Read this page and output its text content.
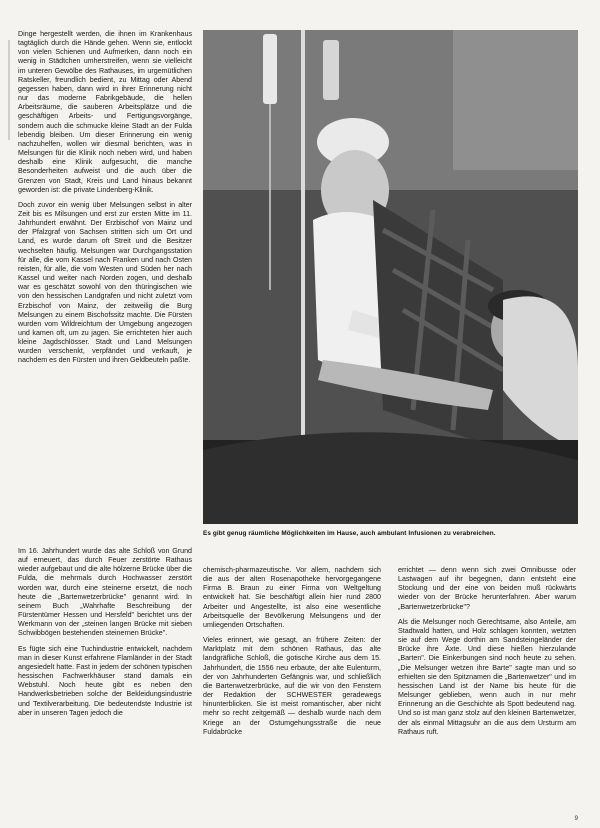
Dinge hergestellt werden, die ihnen im Krankenhaus tagtäglich durch die Hände gehen. Wenn sie, entlockt von vielen Schienen und Aufmerken, dann noch ein wenig in Städtchen umherstreifen, wenn sie vielleicht im unteren Gewölbe des Rathauses, im urgemütlichen Ratskeller, freundlich bedient, zu Mittag oder Abend gegessen haben, dann wird in ihrer Erinnerung nicht nur das moderne Fabrikgebäude, die hellen Arbeitsräume, die sauberen Arbeitsplätze und die geschäftigen Arbeits- und Fertigungsvorgänge, sondern auch die schmucke kleine Stadt an der Fulda lebendig bleiben. Um dieser Erinnerung ein wenig nachzuhelfen, wollen wir diesmal berichten, was in Melsungen für die Klinik noch neben wird, und haben deshalb eine Klinik aufgesucht, die manche Besonderheiten aufweist und die auch über die Grenzen von Stadt, Kreis und Land hinaus bekannt geworden ist: die private Lindenberg-Klinik.

Doch zuvor ein wenig über Melsungen selbst in alter Zeit bis es Milsungen und erst zur ersten Mitte im 11. Jahrhundert erwähnt. Der Erzbischof von Mainz und der Pfalzgraf von Sachsen stritten sich um Ort und Land, es wurde darum oft Streit und die Besitzer wechselten häufig. Melsungen war Durchgangsstation für alle, die vom Kassel nach Franken und nach Osten reisten, für alle, die vom Westen und Süden her nach Kassel und weiter nach Norden zogen, und deshalb war es geschätzt sowohl von den thüringischen wie von den hessischen Landgrafen und nicht zuletzt vom Erzbischof von Mainz, der zeitweilig die Burg Melsungen zu einem Bischofssitz machte. Die Fürsten wurden vom Wildreichtum der Umgebung angezogen und kamen oft, um zu jagen. Sie errichteten hier auch kleine Jagdschlösser. Stadt und Land Melsungen wurden verschenkt, verpfändet und verkauft, je nachdem es den Fürsten und ihren Geldbeuteln paßte.

Es gibt genug räumliche Möglichkeiten im Hause, auch ambulant Infusionen zu verabreichen.

Im 16. Jahrhundert wurde das alte Schloß von Grund auf erneuert, das durch Feuer zerstörte Rathaus wieder aufgebaut und die alte hölzerne Brücke über die Fulda, die mehrmals durch Hochwasser zerstört worden war, durch eine steinerne ersetzt, die noch heute die „Bartenwetzerbrücke" genannt wird. In seinem Buch „Wahrhafte Beschreibung der Fürstentümer Hessen und Hersfeld" berichtet uns der Werkmann von der „steinen langen Brücke mit sieben Schwibbögen bestehenden steinernen Brücke".

Es fügte sich eine Tuchindustrie entwickelt, nachdem man in dieser Kunst erfahrene Flamländer in der Stadt angesiedelt hatte. Fast in jedem der schönen typischen hessischen Fachwerkhäuser stand damals ein Webstuhl. Noch heute gibt es neben den Handwerksbetrieben solche der Bekleidungsindustrie und Textilverarbeitung. Die bedeutendste Industrie ist aber in unseren Tagen jedoch die

chemisch-pharmazeutische. Vor allem, nachdem sich die aus der alten Rosenapotheke hervorgegangene Firma B. Braun zu einer Firma von Weltgeltung entwickelt hat. Sie beschäftigt allein hier rund 2800 Arbeiter und Angestellte, ist also eine wesentliche Arbeitsquelle der Bevölkerung Melsungens und der umliegenden Ortschaften.

Vieles erinnert, wie gesagt, an frühere Zeiten: der Marktplatz mit dem schönen Rathaus, das alte landgräfliche Schloß, die gotische Kirche aus dem 15. Jahrhundert, die 1556 neu erbaute, der alte Eulenturm, der von Jahrhunderten Gefängnis war, und schließlich die Bartenwetzerbrücke, auf die wir von den Fenstern der Redaktion der SCHWESTER geradewegs hinunterblicken. Sie ist meist romantischer, aber nicht mehr so recht zeitgemäß — deshalb wurde nach dem Kriege an der Ostumgehungsstraße die neue Fuldabrücke

errichtet — denn wenn sich zwei Omnibusse oder Lastwagen auf ihr begegnen, dann entsteht eine Stockung und der eine von beiden muß rückwärts wieder von der Brücke herunterfahren. Aber warum „Bartenwetzerbrücke"?

Als die Melsunger noch Gerechtsame, also Anteile, am Stadtwald hatten, und Holz schlagen konnten, wetzten sie auf dem Wege dorthin am Sandsteingeländer der Brücke ihre Äxte. Und diese hießen hierzulande „Barten". Die Einkerbungen sind noch heute zu sehen. „Die Melsunger wetzen ihre Barte" sagte man und so erhielten sie den Spitznamen die „Bartenwetzer" und im hessischen Land ist der Name bis heute für die Melsunger geblieben, wenn auch in nur mehr Erinnerung an die Geschichte als Spott bedeutend nag. Und so ist man ganz stolz auf den kleinen Bartenwetzer, der als einmal Mittagsuhr an die aus dem Ursturm am Rathaus ruft.

9
